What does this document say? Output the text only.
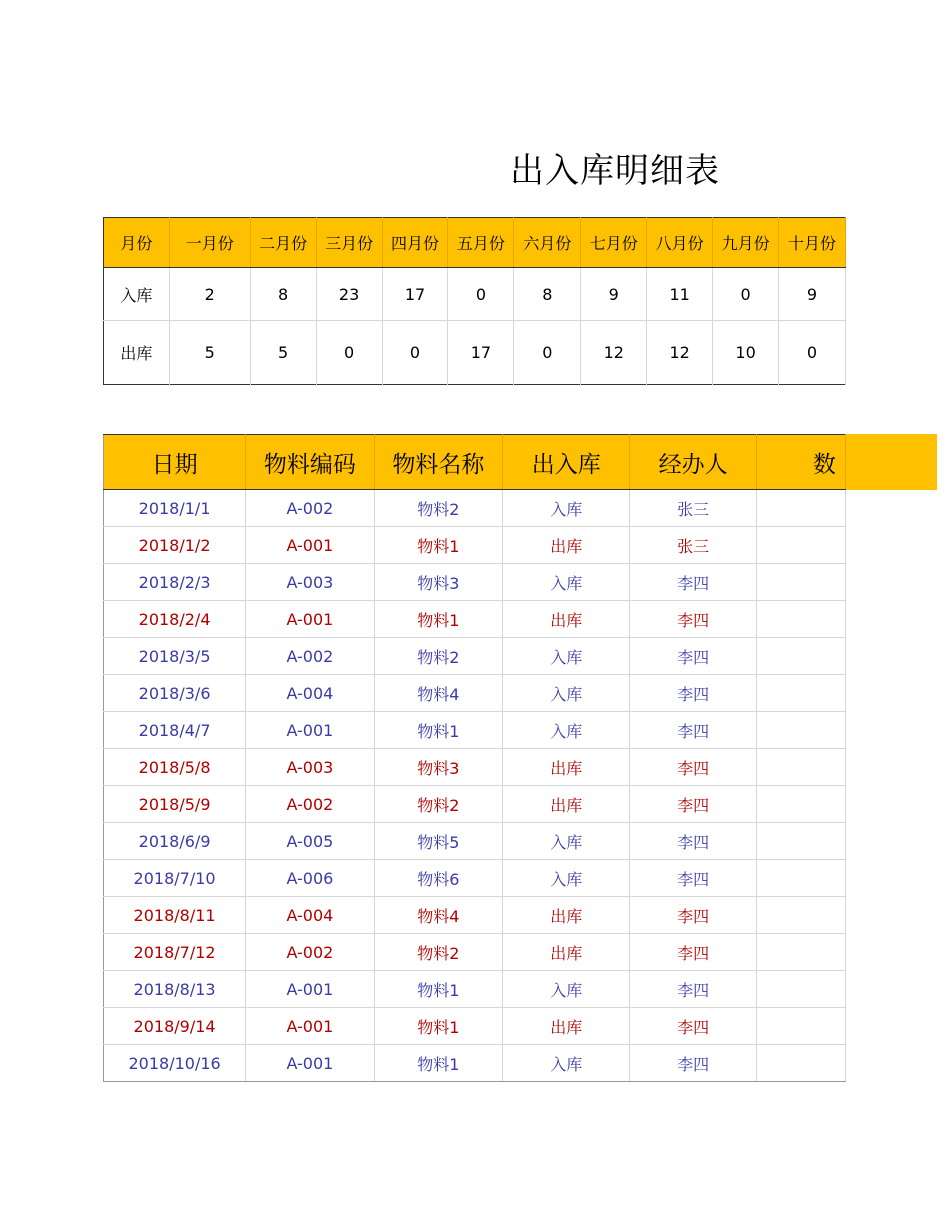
出入库明细表
月份	一月份	二月份	三月份	四月份	五月份	六月份	七月份	八月份	九月份	十月份
入库	2	8	23	17	0	8	9	11	0	9
出库	5	5	0	0	17	0	12	12	10	0
日期	物料编码	物料名称	出入库	经办人	数
2018/1/1	A-002	物料2	入库	张三	
2018/1/2	A-001	物料1	出库	张三	
2018/2/3	A-003	物料3	入库	李四	
2018/2/4	A-001	物料1	出库	李四	
2018/3/5	A-002	物料2	入库	李四	
2018/3/6	A-004	物料4	入库	李四	
2018/4/7	A-001	物料1	入库	李四	
2018/5/8	A-003	物料3	出库	李四	
2018/5/9	A-002	物料2	出库	李四	
2018/6/9	A-005	物料5	入库	李四	
2018/7/10	A-006	物料6	入库	李四	
2018/8/11	A-004	物料4	出库	李四	
2018/7/12	A-002	物料2	出库	李四	
2018/8/13	A-001	物料1	入库	李四	
2018/9/14	A-001	物料1	出库	李四	
2018/10/16	A-001	物料1	入库	李四	
